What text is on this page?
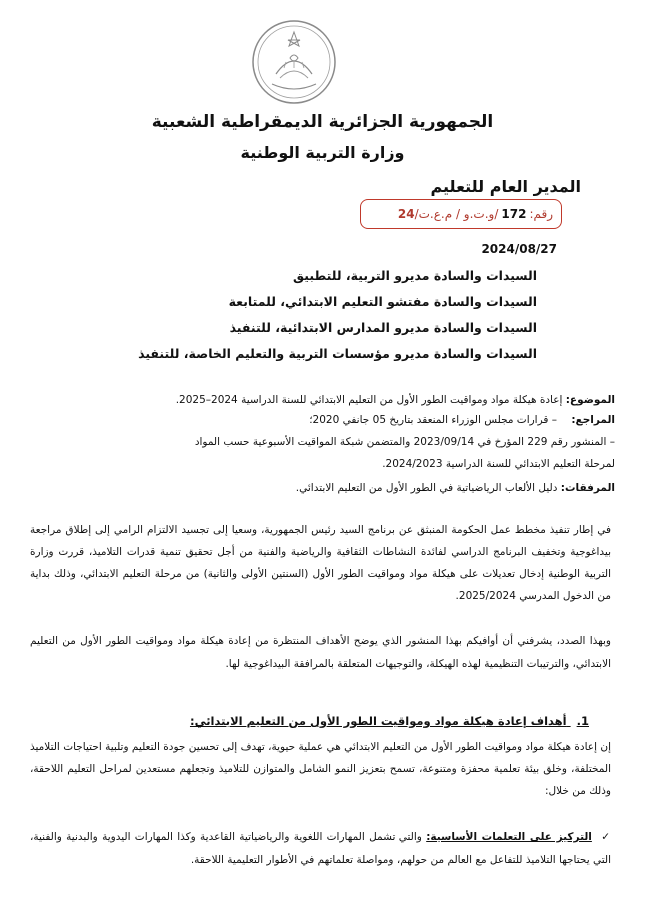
الجمهورية الجزائرية الديمقراطية الشعبية
وزارة التربية الوطنية
المدير العام للتعليم
رقم:
172
/و.ت.و / م.ع.ت/
24
2024/08/27
السيدات والسادة مديرو التربية، للتطبيق
السيدات والسادة مفتشو التعليم الابتدائي، للمتابعة
السيدات والسادة مديرو المدارس الابتدائية، للتنفيذ
السيدات والسادة مديرو مؤسسات التربية والتعليم الخاصة، للتنفيذ
الموضوع: إعادة هيكلة مواد ومواقيت الطور الأول من التعليم الابتدائي للسنة الدراسية 2024–2025.
المراجع:
– قرارات مجلس الوزراء المنعقد بتاريخ 05 جانفي 2020؛
– المنشور رقم 229 المؤرخ في 2023/09/14 والمتضمن شبكة المواقيت الأسبوعية حسب المواد
لمرحلة التعليم الابتدائي للسنة الدراسية 2024/2023.
المرفقات: دليل الألعاب الرياضياتية في الطور الأول من التعليم الابتدائي.
في إطار تنفيذ مخطط عمل الحكومة المنبثق عن برنامج السيد رئيس الجمهورية، وسعيا إلى تجسيد الالتزام الرامي إلى إطلاق مراجعة بيداغوجية وتخفيف البرنامج الدراسي لفائدة النشاطات الثقافية والرياضية والفنية من أجل تحقيق تنمية قدرات التلاميذ، قررت وزارة التربية الوطنية إدخال تعديلات على هيكلة مواد ومواقيت الطور الأول (السنتين الأولى والثانية) من مرحلة التعليم الابتدائي، وذلك بداية من الدخول المدرسي 2025/2024.
وبهذا الصدد، يشرفني أن أوافيكم بهذا المنشور الذي يوضح الأهداف المنتظرة من إعادة هيكلة مواد ومواقيت الطور الأول من التعليم الابتدائي، والترتيبات التنظيمية لهذه الهيكلة، والتوجيهات المتعلقة بالمرافقة البيداغوجية لها.
1. أهداف إعادة هيكلة مواد ومواقيت الطور الأول من التعليم الابتدائي:
إن إعادة هيكلة مواد ومواقيت الطور الأول من التعليم الابتدائي هي عملية حيوية، تهدف إلى تحسين جودة التعليم وتلبية احتياجات التلاميذ المختلفة، وخلق بيئة تعلمية محفزة ومتنوعة، تسمح بتعزيز النمو الشامل والمتوازن للتلاميذ وتجعلهم مستعدين لمراحل التعليم اللاحقة، وذلك من خلال:
✓ التركيز على التعلمات الأساسية: والتي تشمل المهارات اللغوية والرياضياتية القاعدية وكذا المهارات اليدوية والبدنية والفنية، التي يحتاجها التلاميذ للتفاعل مع العالم من حولهم، ومواصلة تعلماتهم في الأطوار التعليمية اللاحقة.
